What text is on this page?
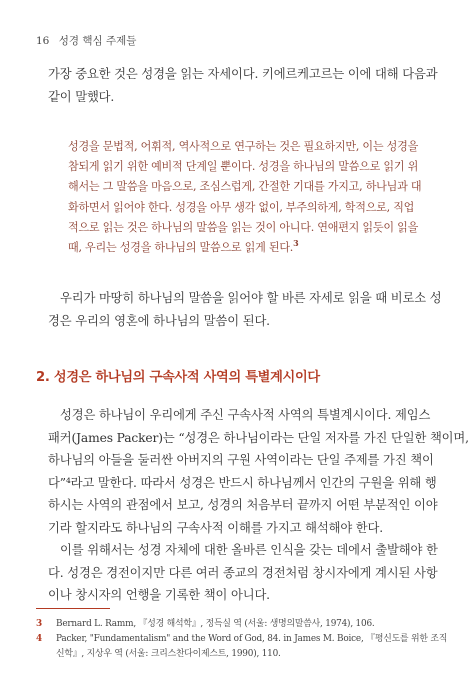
16 성경 핵심 주제들
가장 중요한 것은 성경을 읽는 자세이다. 키에르케고르는 이에 대해 다음과
같이 말했다.
성경을 문법적, 어휘적, 역사적으로 연구하는 것은 필요하지만, 이는 성경을
참되게 읽기 위한 예비적 단계일 뿐이다. 성경을 하나님의 말씀으로 읽기 위
해서는 그 말씀을 마음으로, 조심스럽게, 간절한 기대를 가지고, 하나님과 대
화하면서 읽어야 한다. 성경을 아무 생각 없이, 부주의하게, 학적으로, 직업
적으로 읽는 것은 하나님의 말씀을 읽는 것이 아니다. 연애편지 읽듯이 읽을
때, 우리는 성경을 하나님의 말씀으로 읽게 된다.$^3$
우리가 마땅히 하나님의 말씀을 읽어야 할 바른 자세로 읽을 때 비로소 성
경은 우리의 영혼에 하나님의 말씀이 된다.
2. 성경은 하나님의 구속사적 사역의 특별계시이다
성경은 하나님이 우리에게 주신 구속사적 사역의 특별계시이다. 제임스
패커(James Packer)는 “성경은 하나님이라는 단일 저자를 가진 단일한 책이며,
하나님의 아들을 둘러싼 아버지의 구원 사역이라는 단일 주제를 가진 책이
다”⁴라고 말한다. 따라서 성경은 반드시 하나님께서 인간의 구원을 위해 행
하시는 사역의 관점에서 보고, 성경의 처음부터 끝까지 어떤 부분적인 이야
기라 할지라도 하나님의 구속사적 이해를 가지고 해석해야 한다.
이를 위해서는 성경 자체에 대한 올바른 인식을 갖는 데에서 출발해야 한
다. 성경은 경전이지만 다른 여러 종교의 경전처럼 창시자에게 계시된 사항
이나 창시자의 언행을 기록한 책이 아니다.
3	Bernard L. Ramm, 『성경 해석학』, 정득실 역 (서울: 생명의말씀사, 1974), 106.
4	Packer, "Fundamentalism" and the Word of God, 84. in James M. Boice, 『평신도를 위한 조직
신학』, 지상우 역 (서울: 크리스찬다이제스트, 1990), 110.
